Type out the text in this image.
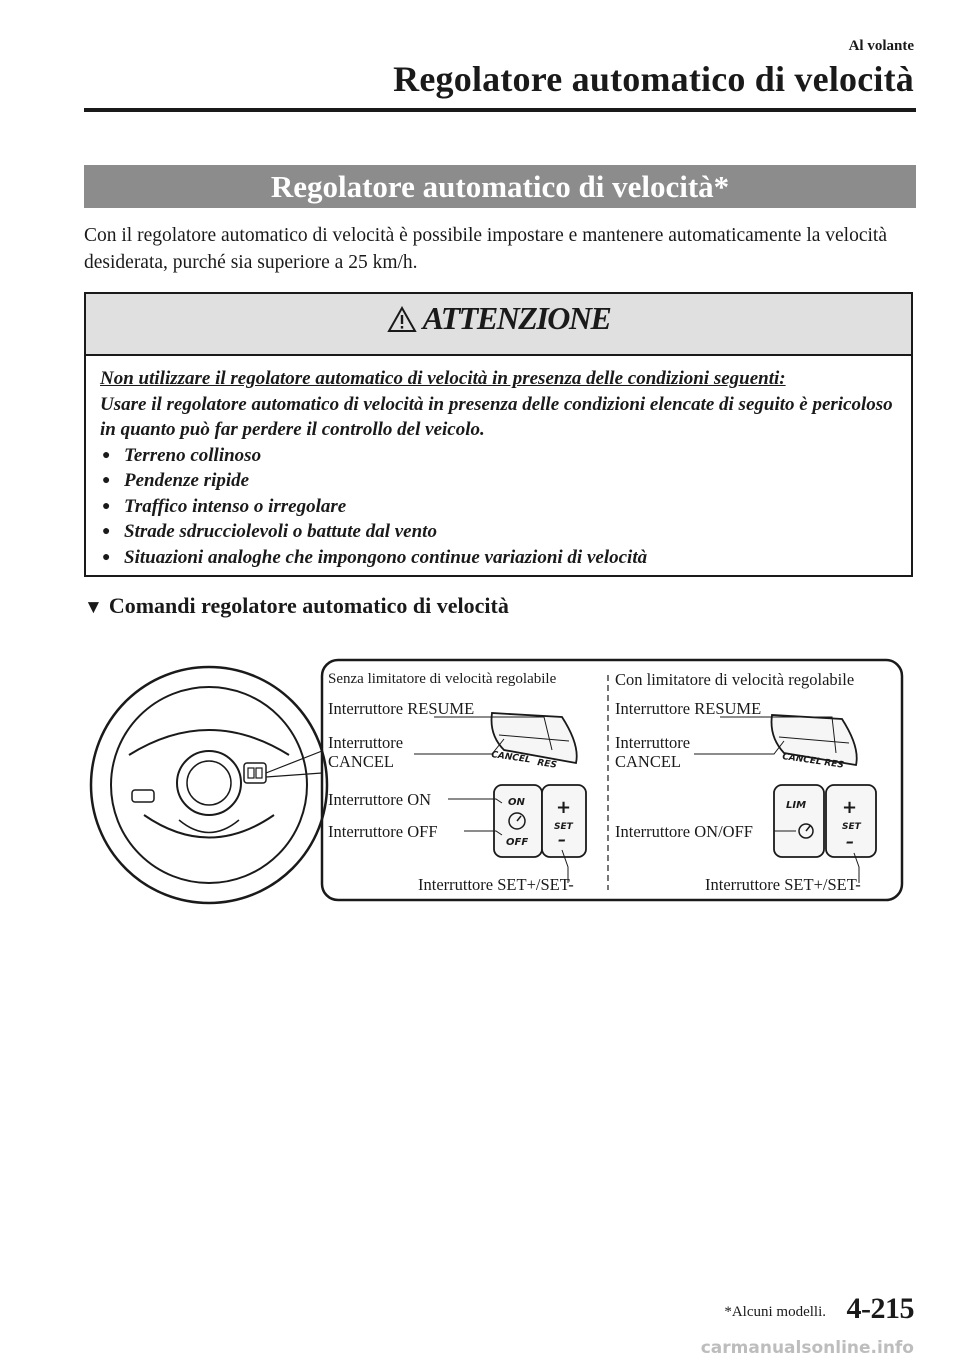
Al volante
Regolatore automatico di velocità
Regolatore automatico di velocità*
Con il regolatore automatico di velocità è possibile impostare e mantenere automaticamente la velocità desiderata, purché sia superiore a 25 km/h.
ATTENZIONE
Non utilizzare il regolatore automatico di velocità in presenza delle condizioni seguenti:
Usare il regolatore automatico di velocità in presenza delle condizioni elencate di seguito è pericoloso in quanto può far perdere il controllo del veicolo.
● Terreno collinoso
● Pendenze ripide
● Traffico intenso o irregolare
● Strade sdrucciolevoli o battute dal vento
● Situazioni analoghe che impongono continue variazioni di velocità
▼ Comandi regolatore automatico di velocità
CANCEL RES
ON
OFF
+
SET
–
CANCEL RES
LIM +
SET
–
Senza limitatore di velocità regolabile
Interruttore RESUME
Interruttore
CANCEL
Interruttore ON
Interruttore OFF
Interruttore SET+/SET-
Con limitatore di velocità regolabile
Interruttore RESUME
Interruttore
CANCEL
Interruttore ON/OFF
Interruttore SET+/SET-
*Alcuni modelli. 4-215
carmanualsonline.info
